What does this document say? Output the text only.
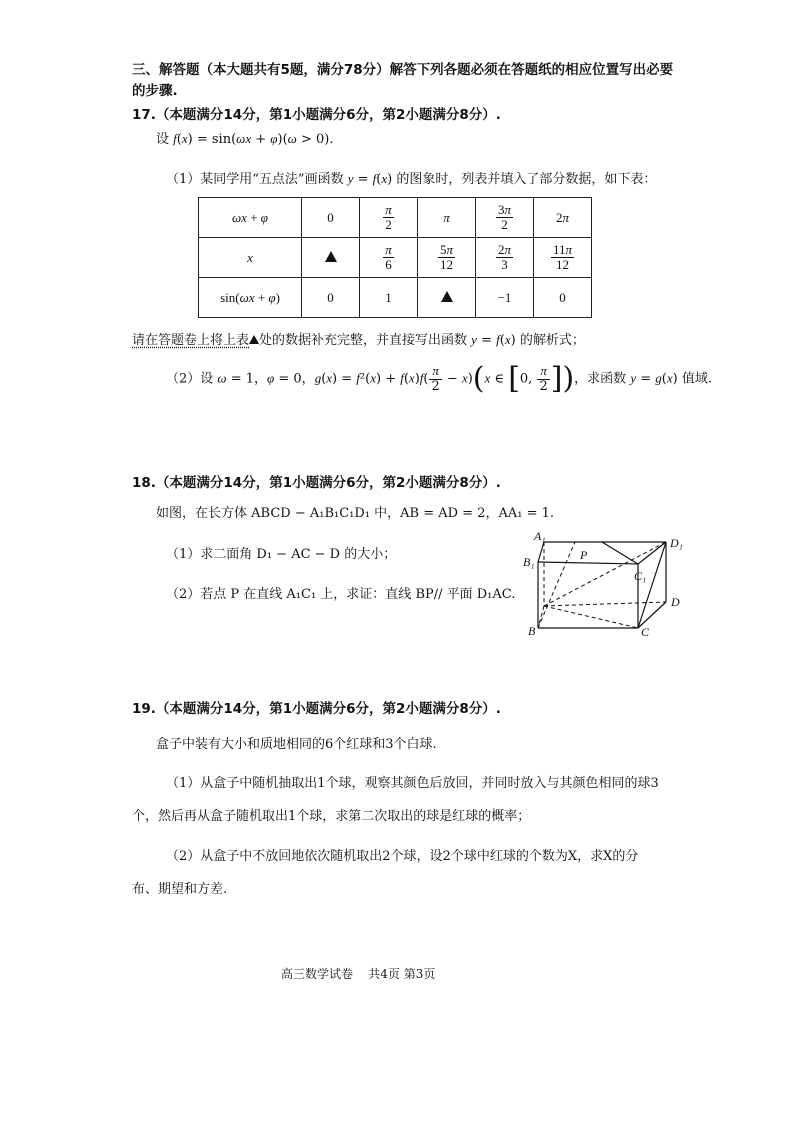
三、解答题（本大题共有5题，满分78分）解答下列各题必须在答题纸的相应位置写出必要
的步骤.
17.（本题满分14分，第1小题满分6分，第2小题满分8分）.
设 f(x) = sin(ωx + φ)(ω > 0).
（1）某同学用“五点法”画函数 y = f(x) 的图象时，列表并填入了部分数据，如下表：
ωx + φ	0	$\frac{\pi}{2}$	π	$\frac{3\pi}{2}$	2π
x		$\frac{\pi}{6}$	$\frac{5\pi}{12}$	$\frac{2\pi}{3}$	$\frac{11\pi}{12}$

sin(ωx + φ)	0	1		−1	0
请在答题卷上将上表 处的数据补充完整，并直接写出函数 y = f(x) 的解析式；
（2）设 ω = 1，φ = 0，$g(x) = f^2(x) + f(x)f( \frac{\pi}{2} - x)(x$ ∈ [0, $\frac{\pi}{2}$ ])，求函数 y = g(x) 值域.
18.（本题满分14分，第1小题满分6分，第2小题满分8分）.
如图，在长方体 ABCD − A₁B₁C₁D₁ 中，AB = AD = 2，AA₁ = 1.
（1）求二面角 D₁ − AC − D 的大小；
（2）若点 P 在直线 A₁C₁ 上，求证：直线 BP// 平面 D₁AC.
A₁	D₁
B₁	P
C₁
D
B	C
19.（本题满分14分，第1小题满分6分，第2小题满分8分）.
盒子中装有大小和质地相同的6个红球和3个白球.
（1）从盒子中随机抽取出1个球，观察其颜色后放回，并同时放入与其颜色相同的球3
个，然后再从盒子随机取出1个球，求第二次取出的球是红球的概率；
（2）从盒子中不放回地依次随机取出2个球，设2个球中红球的个数为X，求X的分
布、期望和方差.
高三数学试卷    共4页 第3页
